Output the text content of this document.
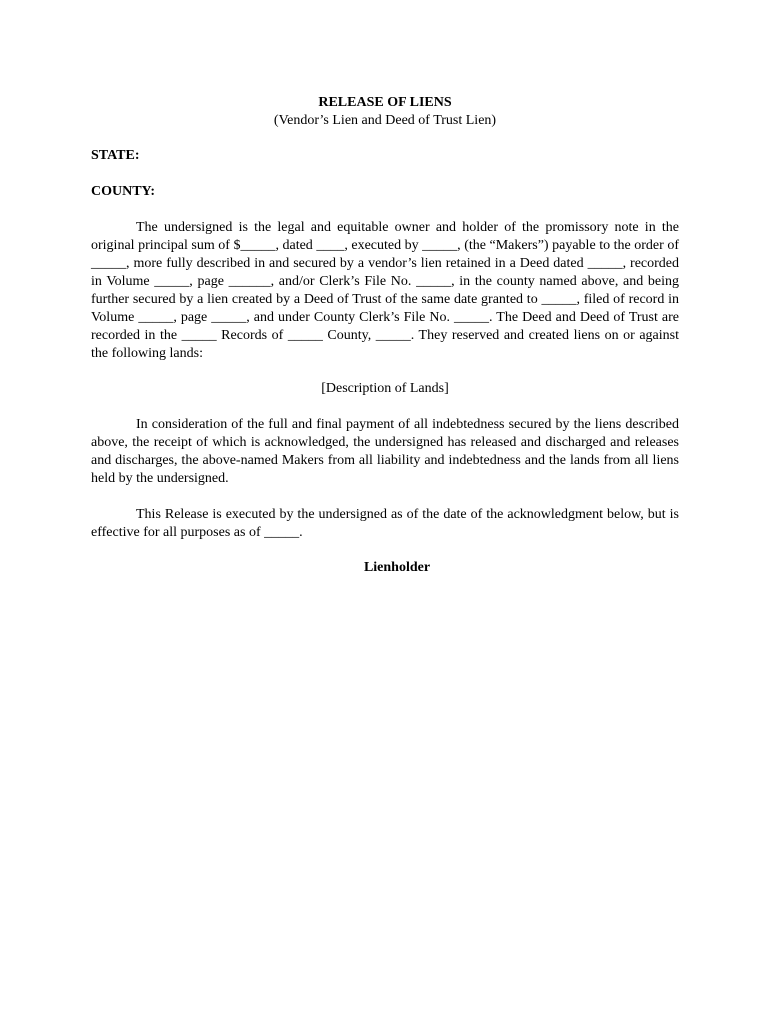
RELEASE OF LIENS

(Vendor’s Lien and Deed of Trust Lien)

STATE:

COUNTY:

The undersigned is the legal and equitable owner and holder of the promissory note in the original principal sum of $_____, dated ____, executed by _____, (the “Makers”) payable to the order of _____, more fully described in and secured by a vendor’s lien retained in a Deed dated _____, recorded in Volume _____, page ______, and/or Clerk’s File No. _____, in the county named above, and being further secured by a lien created by a Deed of Trust of the same date granted to _____, filed of record in Volume _____, page _____, and under County Clerk’s File No. _____. The Deed and Deed of Trust are recorded in the _____ Records of _____ County, _____. They reserved and created liens on or against the following lands:

[Description of Lands]

In consideration of the full and final payment of all indebtedness secured by the liens described above, the receipt of which is acknowledged, the undersigned has released and discharged and releases and discharges, the above-named Makers from all liability and indebtedness and the lands from all liens held by the undersigned.

This Release is executed by the undersigned as of the date of the acknowledgment below, but is effective for all purposes as of _____.

Lienholder
